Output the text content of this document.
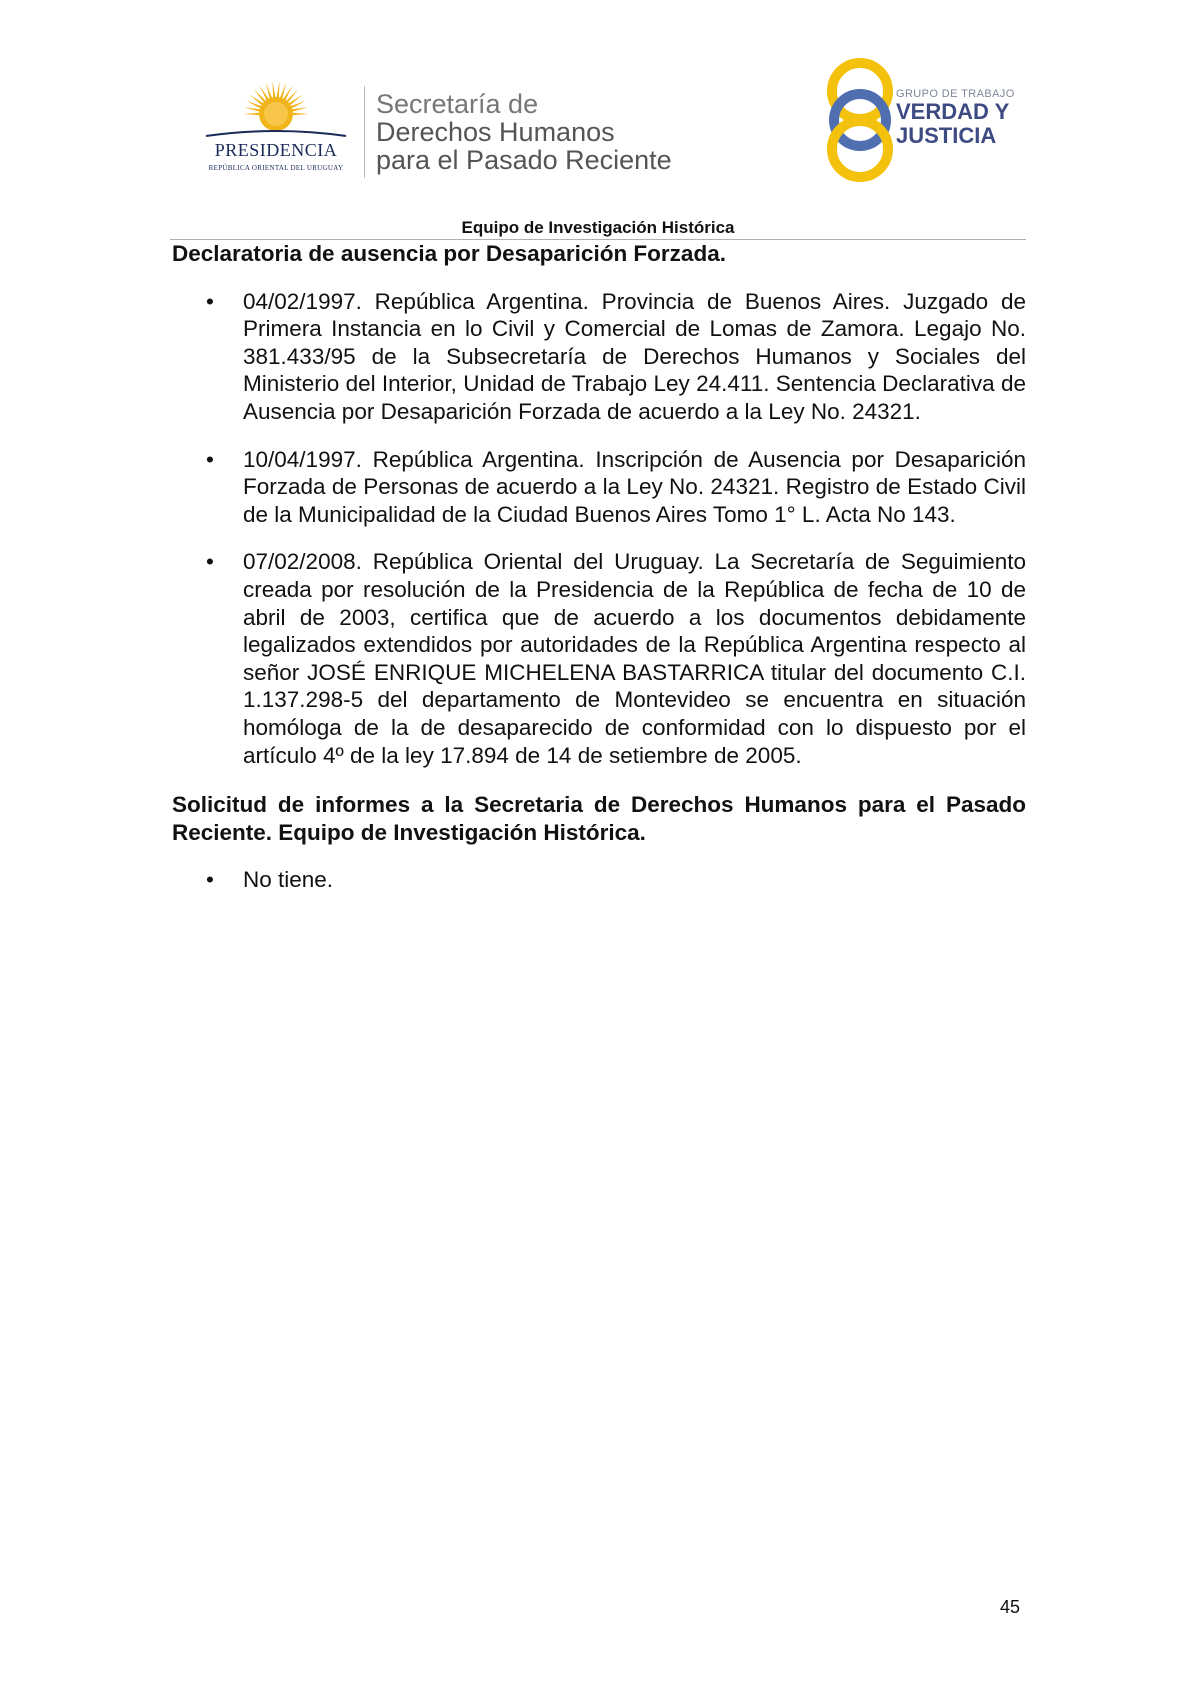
PRESIDENCIA
REPÚBLICA ORIENTAL DEL URUGUAY
Secretaría de
Derechos Humanos
para el Pasado Reciente
GRUPO DE TRABAJO
VERDAD Y
JUSTICIA
Equipo de Investigación Histórica

Declaratoria de ausencia por Desaparición Forzada.

• 04/02/1997. República Argentina. Provincia de Buenos Aires. Juzgado de Primera Instancia en lo Civil y Comercial de Lomas de Zamora. Legajo No. 381.433/95 de la Subsecretaría de Derechos Humanos y Sociales del Ministerio del Interior, Unidad de Trabajo Ley 24.411. Sentencia Declarativa de Ausencia por Desaparición Forzada de acuerdo a la Ley No. 24321.
• 10/04/1997. República Argentina. Inscripción de Ausencia por Desaparición Forzada de Personas de acuerdo a la Ley No. 24321. Registro de Estado Civil de la Municipalidad de la Ciudad Buenos Aires Tomo 1° L. Acta No 143.
• 07/02/2008. República Oriental del Uruguay. La Secretaría de Seguimiento creada por resolución de la Presidencia de la República de fecha de 10 de abril de 2003, certifica que de acuerdo a los documentos debidamente legalizados extendidos por autoridades de la República Argentina respecto al señor JOSÉ ENRIQUE MICHELENA BASTARRICA titular del documento C.I. 1.137.298-5 del departamento de Montevideo se encuentra en situación homóloga de la de desaparecido de conformidad con lo dispuesto por el artículo 4º de la ley 17.894 de 14 de setiembre de 2005.

Solicitud de informes a la Secretaria de Derechos Humanos para el Pasado Reciente. Equipo de Investigación Histórica.

• No tiene.
45
